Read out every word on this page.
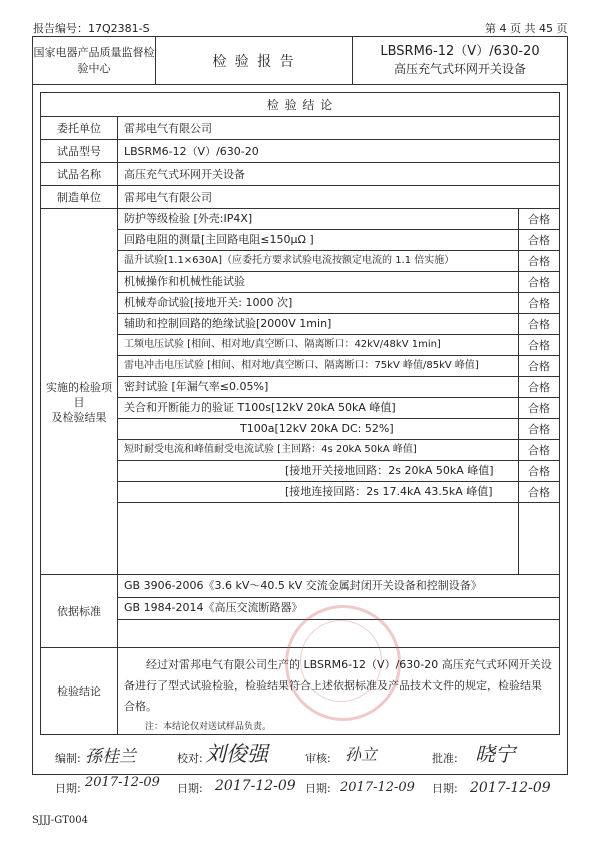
报告编号：17Q2381-S	第 4 页 共 45 页
国家电器产品质量监督检验中心	检 验 报 告
LBSRM6-12（V）/630-20
高压充气式环网开关设备
检 验 结 论
委托单位	雷邦电气有限公司
试品型号	LBSRM6-12（V）/630-20
试品名称	高压充气式环网开关设备
制造单位	雷邦电气有限公司
实施的检验项目
及检验结果
防护等级检验 [外壳:IP4X]	合格
回路电阻的测量[主回路电阻≤150μΩ ]	合格
温升试验[1.1×630A]（应委托方要求试验电流按额定电流的 1.1 倍实施）	合格
机械操作和机械性能试验	合格
机械寿命试验[接地开关: 1000 次]	合格
辅助和控制回路的绝缘试验[2000V 1min]	合格
工频电压试验 [相间、相对地/真空断口、隔离断口：42kV/48kV 1min]	合格
雷电冲击电压试验 [相间、相对地/真空断口、隔离断口：75kV 峰值/85kV 峰值]	合格
密封试验 [年漏气率≤0.05%]	合格
关合和开断能力的验证 T100s[12kV 20kA 50kA 峰值]	合格
T100a[12kV 20kA DC: 52%]	合格
短时耐受电流和峰值耐受电流试验 [主回路：4s 20kA 50kA 峰值]	合格
[接地开关接地回路：2s 20kA 50kA 峰值]	合格
[接地连接回路：2s 17.4kA 43.5kA 峰值]	合格
依据标准
GB 3906-2006《3.6 kV～40.5 kV 交流金属封闭开关设备和控制设备》
GB 1984-2014《高压交流断路器》
检验结论
经过对雷邦电气有限公司生产的 LBSRM6-12（V）/630-20 高压充气式环网开关设
备进行了型式试验检验，检验结果符合上述依据标准及产品技术文件的规定，检验结果
合格。
注：本结论仅对送试样品负责。
编制: 孫桂兰	校对: 刘俊强	审核: 孙立	批准: 晓宁
日期: 2017-12-09 日期: 2017-12-09 日期: 2017-12-09 日期: 2017-12-09
SJJJ-GT004
